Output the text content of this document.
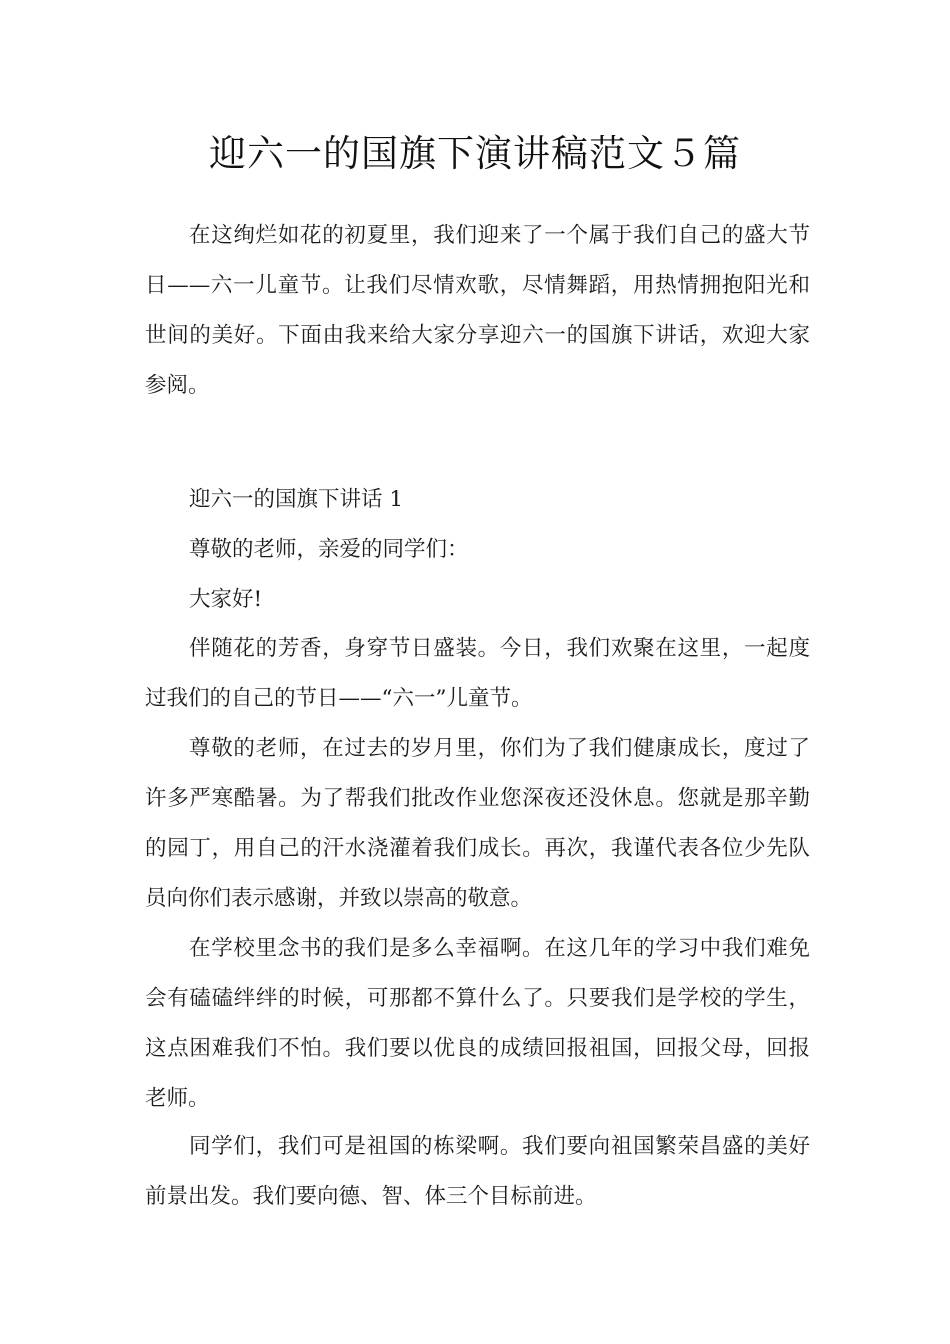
迎六一的国旗下演讲稿范文５篇

在这绚烂如花的初夏里，我们迎来了一个属于我们自己的盛大节日——六一儿童节。让我们尽情欢歌，尽情舞蹈，用热情拥抱阳光和世间的美好。下面由我来给大家分享迎六一的国旗下讲话，欢迎大家参阅。

迎六一的国旗下讲话 1

尊敬的老师，亲爱的同学们：

大家好!

伴随花的芳香，身穿节日盛装。今日，我们欢聚在这里，一起度过我们的自己的节日——“六一”儿童节。

尊敬的老师，在过去的岁月里，你们为了我们健康成长，度过了许多严寒酷暑。为了帮我们批改作业您深夜还没休息。您就是那辛勤的园丁，用自己的汗水浇灌着我们成长。再次，我谨代表各位少先队员向你们表示感谢，并致以崇高的敬意。

在学校里念书的我们是多么幸福啊。在这几年的学习中我们难免会有磕磕绊绊的时候，可那都不算什么了。只要我们是学校的学生，这点困难我们不怕。我们要以优良的成绩回报祖国，回报父母，回报老师。

同学们，我们可是祖国的栋梁啊。我们要向祖国繁荣昌盛的美好前景出发。我们要向德、智、体三个目标前进。
